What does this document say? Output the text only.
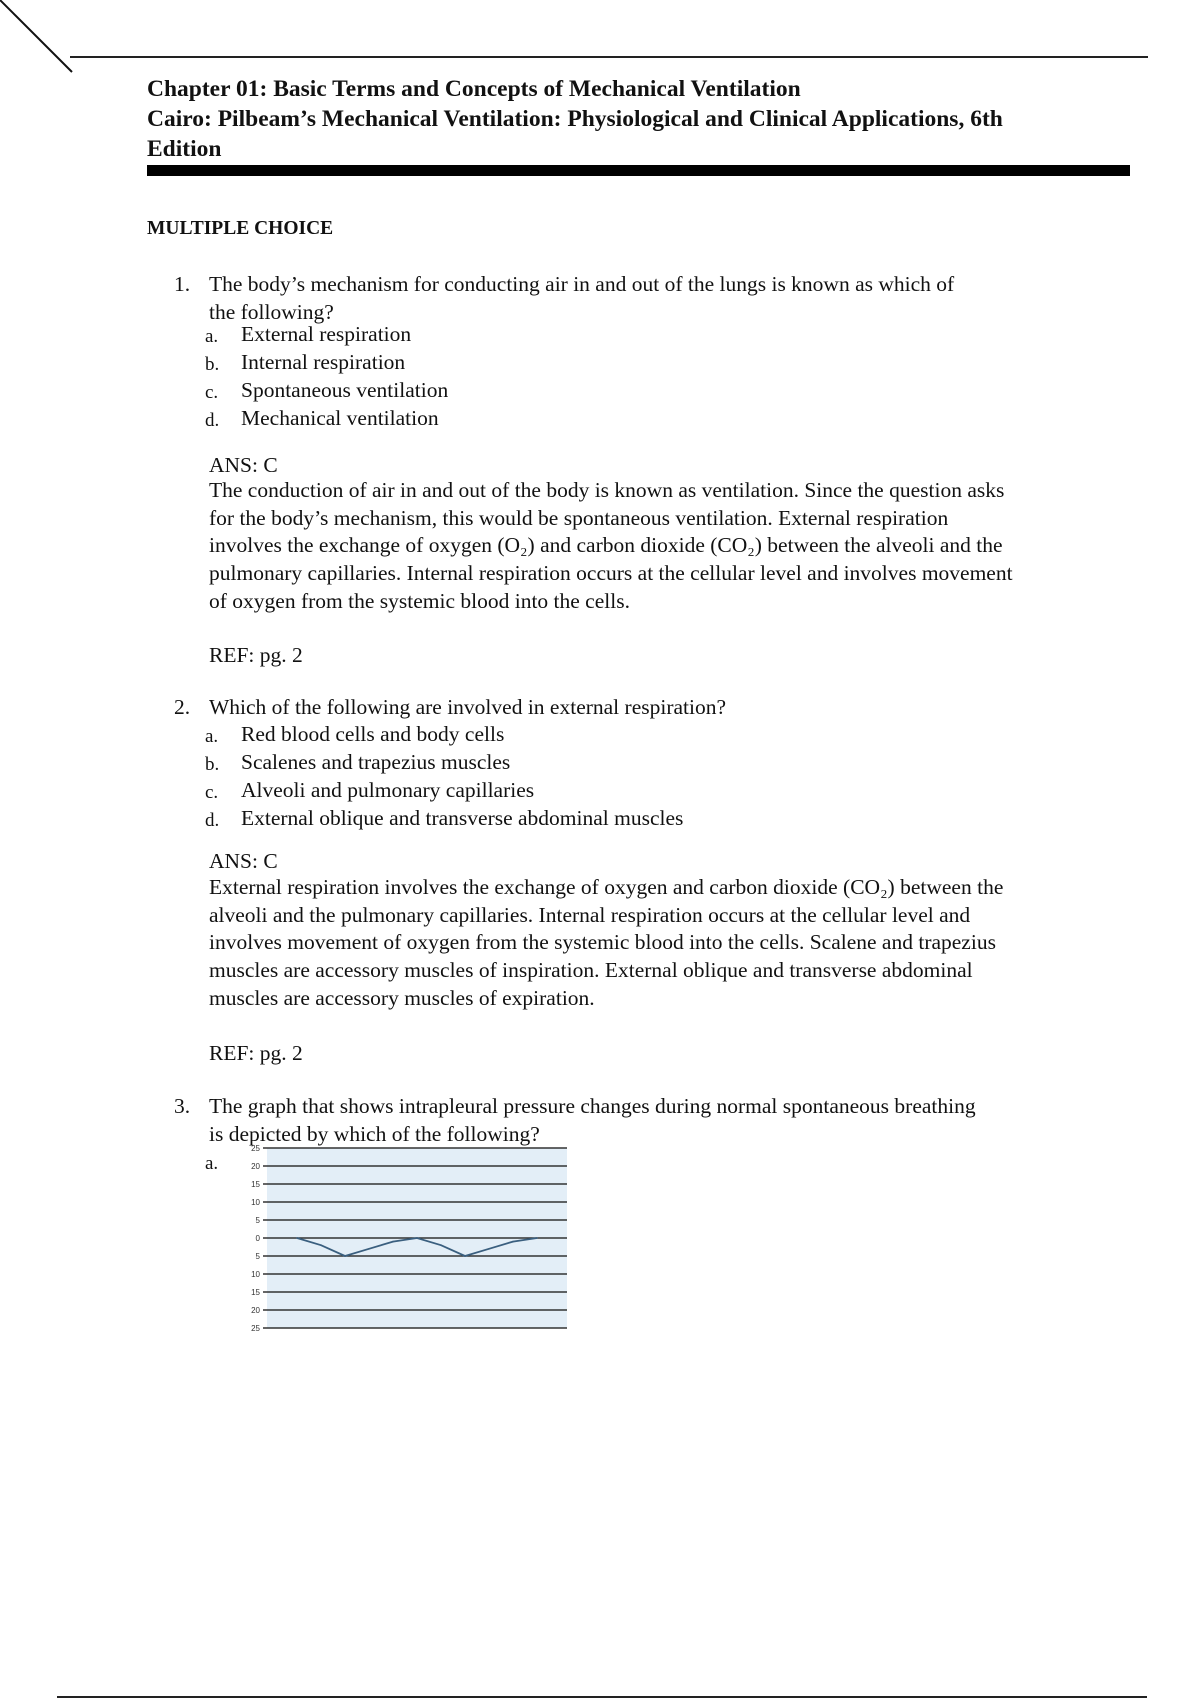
Chapter 01: Basic Terms and Concepts of Mechanical Ventilation
Cairo: Pilbeam’s Mechanical Ventilation: Physiological and Clinical Applications, 6th
Edition
MULTIPLE CHOICE
1. The body’s mechanism for conducting air in and out of the lungs is known as which of
the following?
a. External respiration
b. Internal respiration
c. Spontaneous ventilation
d. Mechanical ventilation
ANS: C
The conduction of air in and out of the body is known as ventilation. Since the question asks
for the body’s mechanism, this would be spontaneous ventilation. External respiration
involves the exchange of oxygen (O₂) and carbon dioxide (CO₂) between the alveoli and the
pulmonary capillaries. Internal respiration occurs at the cellular level and involves movement
of oxygen from the systemic blood into the cells.
REF: pg. 2
2. Which of the following are involved in external respiration?
a. Red blood cells and body cells
b. Scalenes and trapezius muscles
c. Alveoli and pulmonary capillaries
d. External oblique and transverse abdominal muscles
ANS: C
External respiration involves the exchange of oxygen and carbon dioxide (CO₂) between the
alveoli and the pulmonary capillaries. Internal respiration occurs at the cellular level and
involves movement of oxygen from the systemic blood into the cells. Scalene and trapezius
muscles are accessory muscles of inspiration. External oblique and transverse abdominal
muscles are accessory muscles of expiration.
REF: pg. 2
3. The graph that shows intrapleural pressure changes during normal spontaneous breathing
is depicted by which of the following?
a.
25
20
15
10
5
0
5
10
15
20
25
